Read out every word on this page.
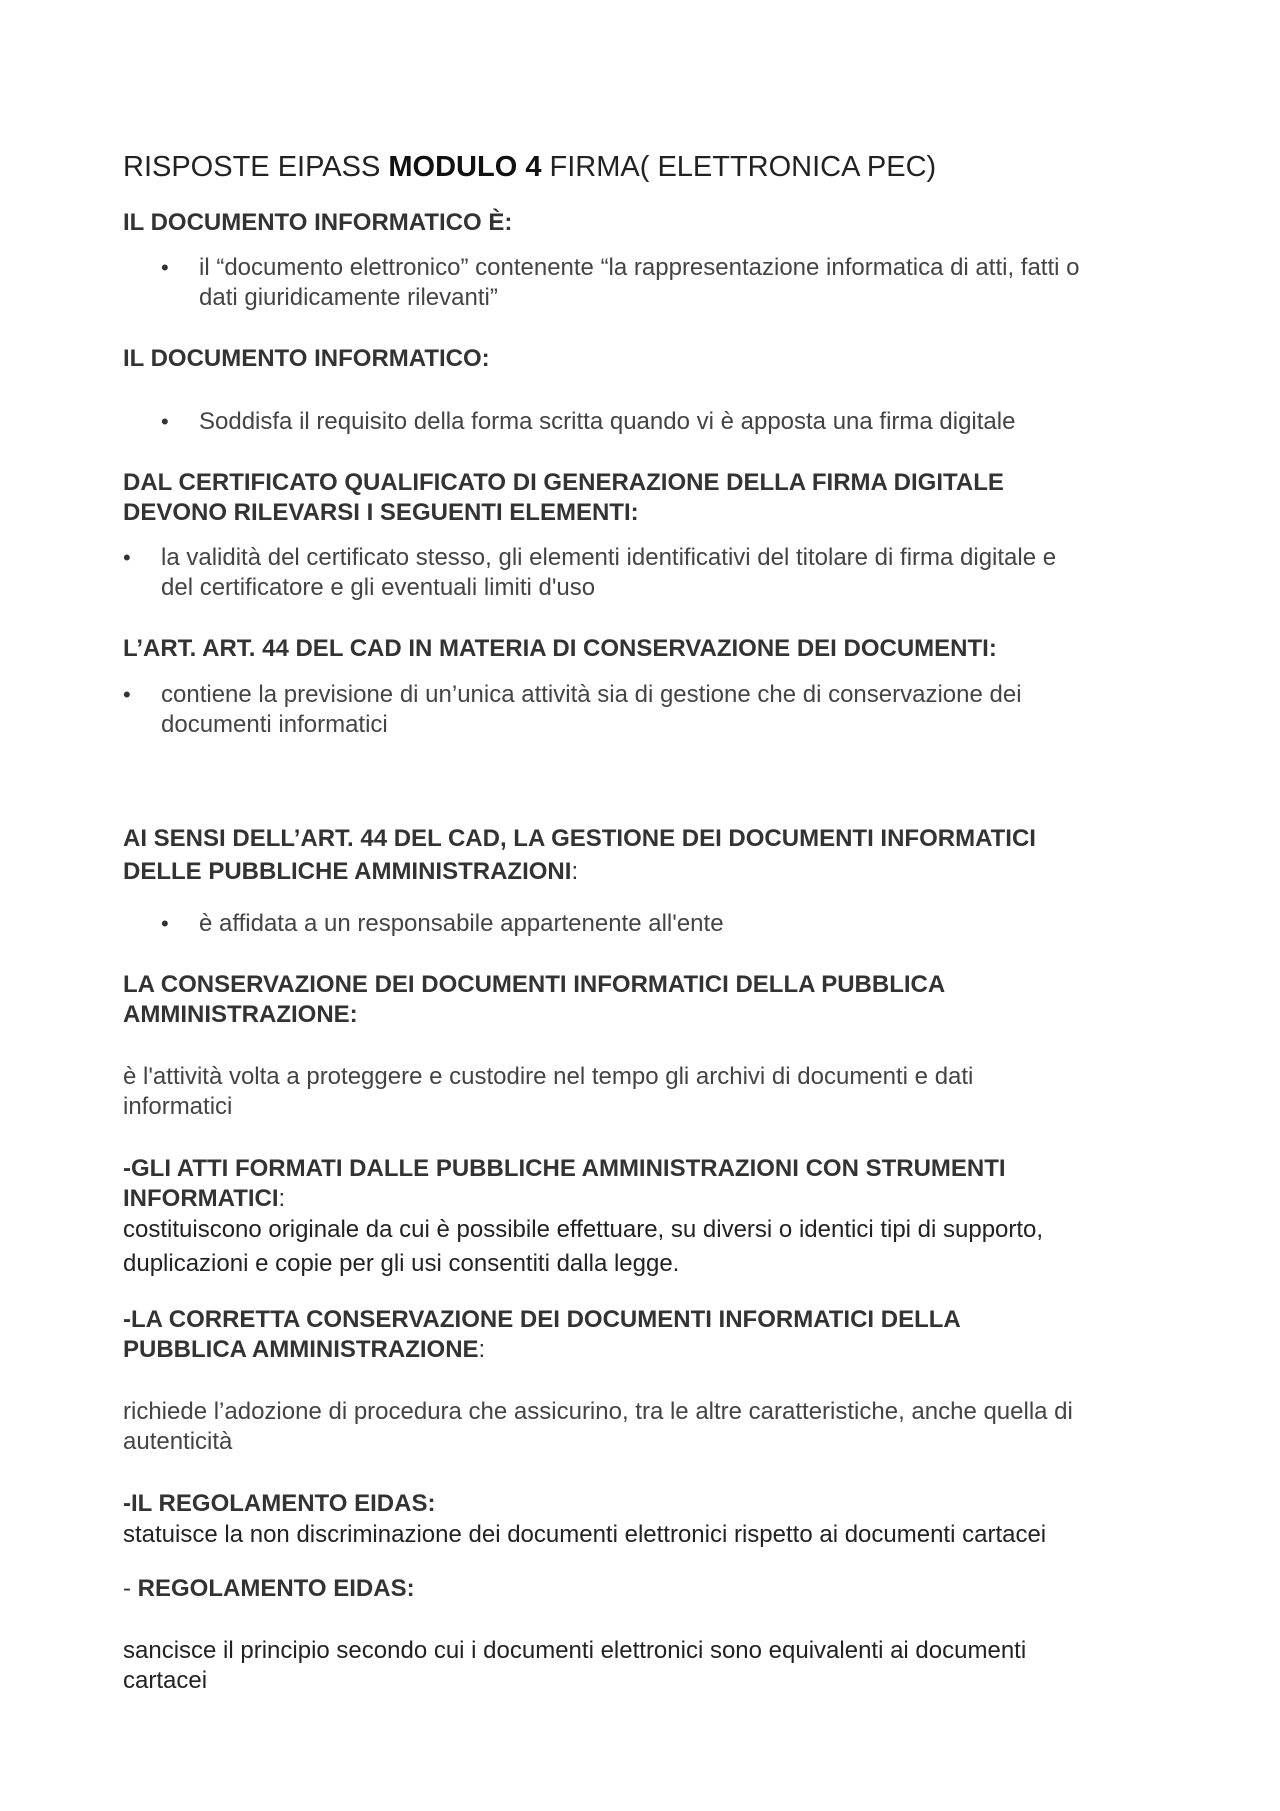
RISPOSTE EIPASS MODULO 4 FIRMA( ELETTRONICA PEC)
IL DOCUMENTO INFORMATICO È:
• il “documento elettronico” contenente “la rappresentazione informatica di atti, fatti o
dati giuridicamente rilevanti”
IL DOCUMENTO INFORMATICO:
• Soddisfa il requisito della forma scritta quando vi è apposta una firma digitale
DAL CERTIFICATO QUALIFICATO DI GENERAZIONE DELLA FIRMA DIGITALE
DEVONO RILEVARSI I SEGUENTI ELEMENTI:
• la validità del certificato stesso, gli elementi identificativi del titolare di firma digitale e
del certificatore e gli eventuali limiti d'uso
L’ART. ART. 44 DEL CAD IN MATERIA DI CONSERVAZIONE DEI DOCUMENTI:
• contiene la previsione di un’unica attività sia di gestione che di conservazione dei
documenti informatici
AI SENSI DELL’ART. 44 DEL CAD, LA GESTIONE DEI DOCUMENTI INFORMATICI
DELLE PUBBLICHE AMMINISTRAZIONI:
• è affidata a un responsabile appartenente all'ente
LA CONSERVAZIONE DEI DOCUMENTI INFORMATICI DELLA PUBBLICA
AMMINISTRAZIONE:
è l'attività volta a proteggere e custodire nel tempo gli archivi di documenti e dati
informatici
-GLI ATTI FORMATI DALLE PUBBLICHE AMMINISTRAZIONI CON STRUMENTI
INFORMATICI:
costituiscono originale da cui è possibile effettuare, su diversi o identici tipi di supporto,
duplicazioni e copie per gli usi consentiti dalla legge.
-LA CORRETTA CONSERVAZIONE DEI DOCUMENTI INFORMATICI DELLA
PUBBLICA AMMINISTRAZIONE:
richiede l’adozione di procedura che assicurino, tra le altre caratteristiche, anche quella di
autenticità
-IL REGOLAMENTO EIDAS:
statuisce la non discriminazione dei documenti elettronici rispetto ai documenti cartacei
- REGOLAMENTO EIDAS:
sancisce il principio secondo cui i documenti elettronici sono equivalenti ai documenti
cartacei
